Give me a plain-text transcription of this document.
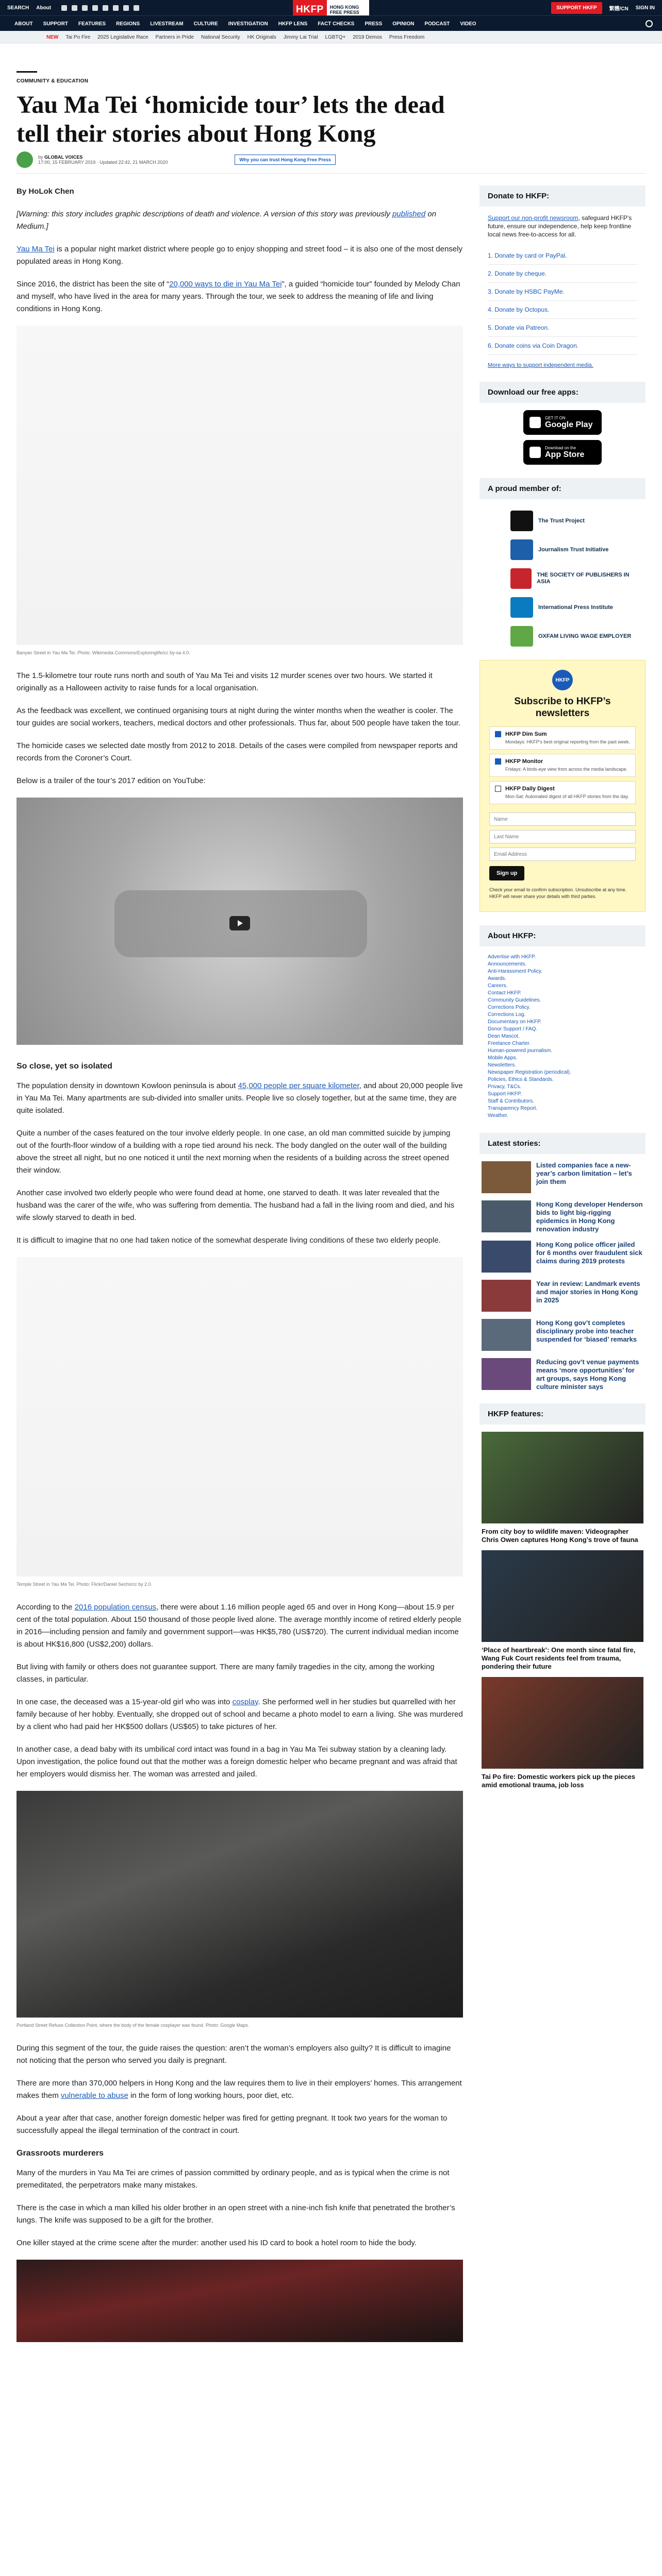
SEARCH About	HKFP	HONG KONG
FREE PRESS
SUPPORT HKFP	繁體/CN SIGN IN
ABOUT SUPPORT FEATURES REGIONS LIVESTREAM CULTURE INVESTIGATION HKFP LENS FACT CHECKS PRESS OPINION PODCAST VIDEO
NEW Tai Po Fire 2025 Legislative Race Partners in Pride National Security HK Originals Jimmy Lai Trial LGBTQ+ 2019 Demos Press Freedom
COMMUNITY & EDUCATION
Yau Ma Tei ‘homicide tour’ lets the dead tell their stories about Hong Kong
by GLOBAL VOICES
17:00, 15 FEBRUARY 2019 · Updated 22:42, 21 MARCH 2020	Why you can trust Hong Kong Free Press

By HoLok Chen

[Warning: this story includes graphic descriptions of death and violence. A version of this story was previously published on Medium.]

Yau Ma Tei is a popular night market district where people go to enjoy shopping and street food – it is also one of the most densely populated areas in Hong Kong.

Since 2016, the district has been the site of “20,000 ways to die in Yau Ma Tei”, a guided “homicide tour” founded by Melody Chan and myself, who have lived in the area for many years. Through the tour, we seek to address the meaning of life and living conditions in Hong Kong.

Banyan Street in Yau Ma Tei. Photo: Wikimedia Commons/Exploringlife/cc by-sa 4.0.

The 1.5-kilometre tour route runs north and south of Yau Ma Tei and visits 12 murder scenes over two hours. We started it originally as a Halloween activity to raise funds for a local organisation.

As the feedback was excellent, we continued organising tours at night during the winter months when the weather is cooler. The tour guides are social workers, teachers, medical doctors and other professionals. Thus far, about 500 people have taken the tour.

The homicide cases we selected date mostly from 2012 to 2018. Details of the cases were compiled from newspaper reports and records from the Coroner’s Court.

Below is a trailer of the tour’s 2017 edition on YouTube:

So close, yet so isolated

The population density in downtown Kowloon peninsula is about 45,000 people per square kilometer, and about 20,000 people live in Yau Ma Tei. Many apartments are sub-divided into smaller units. People live so closely together, but at the same time, they are quite isolated.

Quite a number of the cases featured on the tour involve elderly people. In one case, an old man committed suicide by jumping out of the fourth-floor window of a building with a rope tied around his neck. The body dangled on the outer wall of the building above the street all night, but no one noticed it until the next morning when the residents of a building across the street opened their window.

Another case involved two elderly people who were found dead at home, one starved to death. It was later revealed that the husband was the carer of the wife, who was suffering from dementia. The husband had a fall in the living room and died, and his wife slowly starved to death in bed.

It is difficult to imagine that no one had taken notice of the somewhat desperate living conditions of these two elderly people.

Temple Street in Yau Ma Tei. Photo: Flickr/Daniel Sechs/cc by 2.0.

According to the 2016 population census, there were about 1.16 million people aged 65 and over in Hong Kong—about 15.9 per cent of the total population. About 150 thousand of those people lived alone. The average monthly income of retired elderly people in 2016—including pension and family and government support—was HK$5,780 (US$720). The current individual median income is about HK$16,800 (US$2,200) dollars.

But living with family or others does not guarantee support. There are many family tragedies in the city, among the working classes, in particular.

In one case, the deceased was a 15-year-old girl who was into cosplay. She performed well in her studies but quarrelled with her family because of her hobby. Eventually, she dropped out of school and became a photo model to earn a living. She was murdered by a client who had paid her HK$500 dollars (US$65) to take pictures of her.

In another case, a dead baby with its umbilical cord intact was found in a bag in Yau Ma Tei subway station by a cleaning lady. Upon investigation, the police found out that the mother was a foreign domestic helper who became pregnant and was afraid that her employers would dismiss her. The woman was arrested and jailed.

Portland Street Refuse Collection Point, where the body of the female cosplayer was found. Photo: Google Maps.

During this segment of the tour, the guide raises the question: aren’t the woman’s employers also guilty? It is difficult to imagine not noticing that the person who served you daily is pregnant.

There are more than 370,000 helpers in Hong Kong and the law requires them to live in their employers’ homes. This arrangement makes them vulnerable to abuse in the form of long working hours, poor diet, etc.

About a year after that case, another foreign domestic helper was fired for getting pregnant. It took two years for the woman to successfully appeal the illegal termination of the contract in court.

Grassroots murderers

Many of the murders in Yau Ma Tei are crimes of passion committed by ordinary people, and as is typical when the crime is not premeditated, the perpetrators make many mistakes.

There is the case in which a man killed his older brother in an open street with a nine-inch fish knife that penetrated the brother’s lungs. The knife was supposed to be a gift for the brother.

One killer stayed at the crime scene after the murder: another used his ID card to book a hotel room to hide the body.

Donate to HKFP:

Support our non-profit newsroom, safeguard HKFP’s future, ensure our independence, help keep frontline local news free-to-access for all.

1. Donate by card or PayPal.
2. Donate by cheque.
3. Donate by HSBC PayMe.
4. Donate by Octopus.
5. Donate via Patreon.
6. Donate coins via Coin Dragon.
More ways to support independent media.
Download our free apps:
GET IT ON
Google Play
Download on the
App Store
A proud member of:
The Trust Project
Journalism Trust Initiative
THE SOCIETY OF PUBLISHERS IN ASIA
International Press Institute
OXFAM LIVING WAGE EMPLOYER
HKFP
Subscribe to HKFP’s newsletters
HKFP Dim Sum
Mondays: HKFP’s best original reporting from the past week.
HKFP Monitor
Fridays: A birds-eye view from across the media landscape.
HKFP Daily Digest
Mon-Sat: Automated digest of all HKFP stories from the day.
Name Last Name Email Address Sign up

Check your email to confirm subscription. Unsubscribe at any time. HKFP will never share your details with third parties.

About HKFP:
Advertise with HKFP.
Announcements.
Anti-Harassment Policy.
Awards.
Careers.
Contact HKFP.
Community Guidelines.
Corrections Policy.
Corrections Log.
Documentary on HKFP.
Donor Support / FAQ.
Dean Mascot.
Freelance Charter.
Human-powered journalism.
Mobile Apps.
Newsletters.
Newspaper Registration (periodical).
Policies, Ethics & Standards.
Privacy, T&Cs.
Support HKFP.
Staff & Contributors.
Transparency Report.
Weather.
Latest stories:
Listed companies face a new-year’s carbon limitation – let’s join them
Hong Kong developer Henderson bids to light big-rigging epidemics in Hong Kong renovation industry
Hong Kong police officer jailed for 6 months over fraudulent sick claims during 2019 protests
Year in review: Landmark events and major stories in Hong Kong in 2025
Hong Kong gov’t completes disciplinary probe into teacher suspended for ‘biased’ remarks
Reducing gov’t venue payments means ‘more opportunities’ for art groups, says Hong Kong culture minister says
HKFP features:
From city boy to wildlife maven: Videographer Chris Owen captures Hong Kong’s trove of fauna
‘Place of heartbreak’: One month since fatal fire, Wang Fuk Court residents feel from trauma, pondering their future
Tai Po fire: Domestic workers pick up the pieces amid emotional trauma, job loss
